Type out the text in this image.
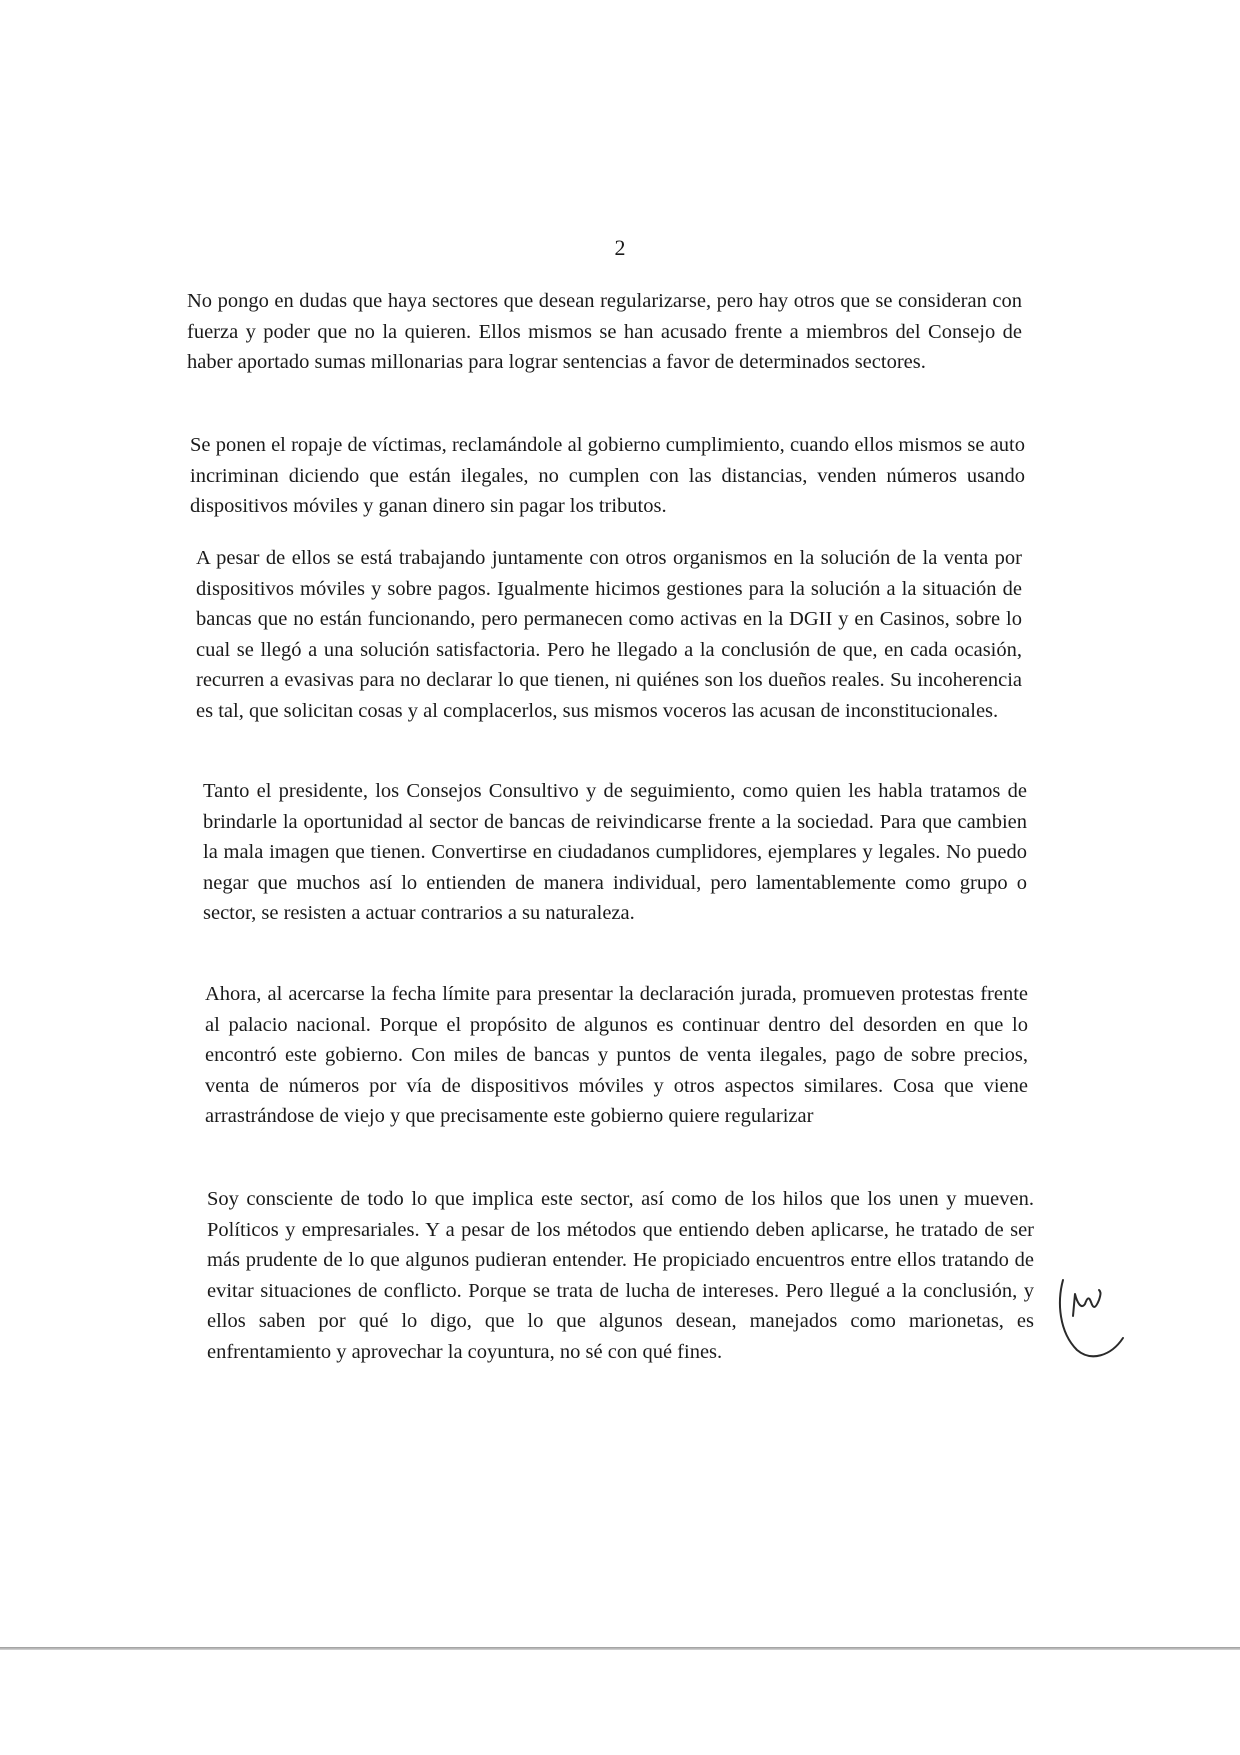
2

No pongo en dudas que haya sectores que desean regularizarse, pero hay otros que se consideran con fuerza y poder que no la quieren. Ellos mismos se han acusado frente a miembros del Consejo de haber aportado sumas millonarias para lograr sentencias a favor de determinados sectores.

Se ponen el ropaje de víctimas, reclamándole al gobierno cumplimiento, cuando ellos mismos se auto incriminan diciendo que están ilegales, no cumplen con las distancias, venden números usando dispositivos móviles y ganan dinero sin pagar los tributos.

A pesar de ellos se está trabajando juntamente con otros organismos en la solución de la venta por dispositivos móviles y sobre pagos. Igualmente hicimos gestiones para la solución a la situación de bancas que no están funcionando, pero permanecen como activas en la DGII y en Casinos, sobre lo cual se llegó a una solución satisfactoria. Pero he llegado a la conclusión de que, en cada ocasión, recurren a evasivas para no declarar lo que tienen, ni quiénes son los dueños reales. Su incoherencia es tal, que solicitan cosas y al complacerlos, sus mismos voceros las acusan de inconstitucionales.

Tanto el presidente, los Consejos Consultivo y de seguimiento, como quien les habla tratamos de brindarle la oportunidad al sector de bancas de reivindicarse frente a la sociedad. Para que cambien la mala imagen que tienen. Convertirse en ciudadanos cumplidores, ejemplares y legales. No puedo negar que muchos así lo entienden de manera individual, pero lamentablemente como grupo o sector, se resisten a actuar contrarios a su naturaleza.

Ahora, al acercarse la fecha límite para presentar la declaración jurada, promueven protestas frente al palacio nacional. Porque el propósito de algunos es continuar dentro del desorden en que lo encontró este gobierno. Con miles de bancas y puntos de venta ilegales, pago de sobre precios, venta de números por vía de dispositivos móviles y otros aspectos similares. Cosa que viene arrastrándose de viejo y que precisamente este gobierno quiere regularizar

Soy consciente de todo lo que implica este sector, así como de los hilos que los unen y mueven. Políticos y empresariales. Y a pesar de los métodos que entiendo deben aplicarse, he tratado de ser más prudente de lo que algunos pudieran entender. He propiciado encuentros entre ellos tratando de evitar situaciones de conflicto. Porque se trata de lucha de intereses. Pero llegué a la conclusión, y ellos saben por qué lo digo, que lo que algunos desean, manejados como marionetas, es enfrentamiento y aprovechar la coyuntura, no sé con qué fines.
